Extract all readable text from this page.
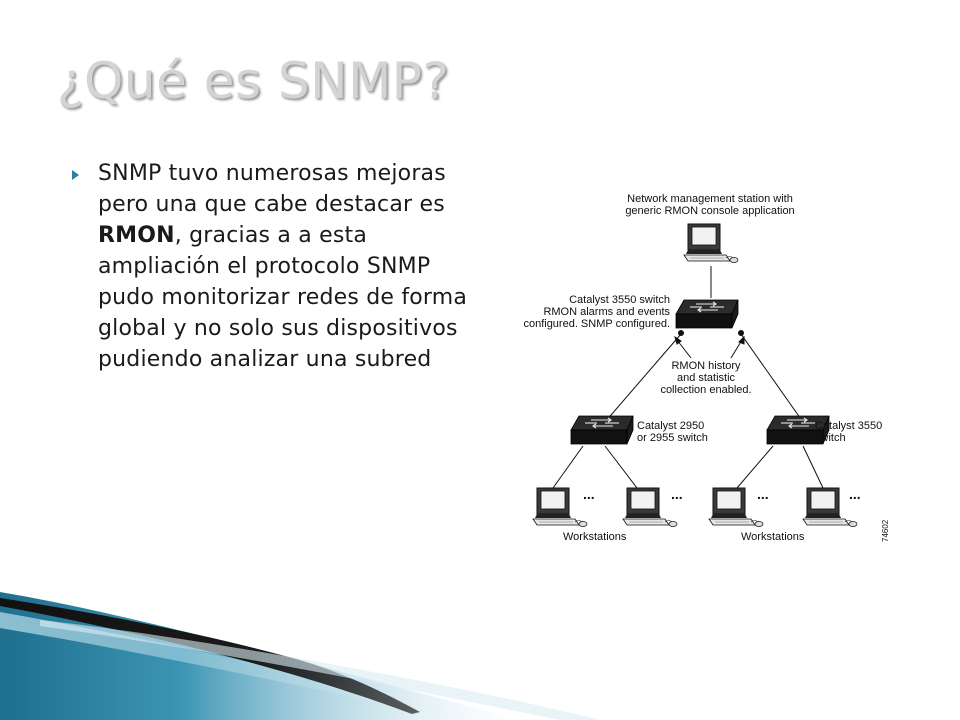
¿Qué es SNMP?
SNMP tuvo numerosas mejoras pero una que cabe destacar es RMON, gracias a a esta ampliación el protocolo SNMP pudo monitorizar redes de forma global y no solo sus dispositivos pudiendo analizar una subred
Network management station with
generic RMON console application
Catalyst 3550 switch
RMON alarms and events
configured. SNMP configured.
RMON history
and statistic
collection enabled.
Catalyst 2950
or 2955 switch
Catalyst 3550
switch
...	...	...	...
Workstations	Workstations	74602
